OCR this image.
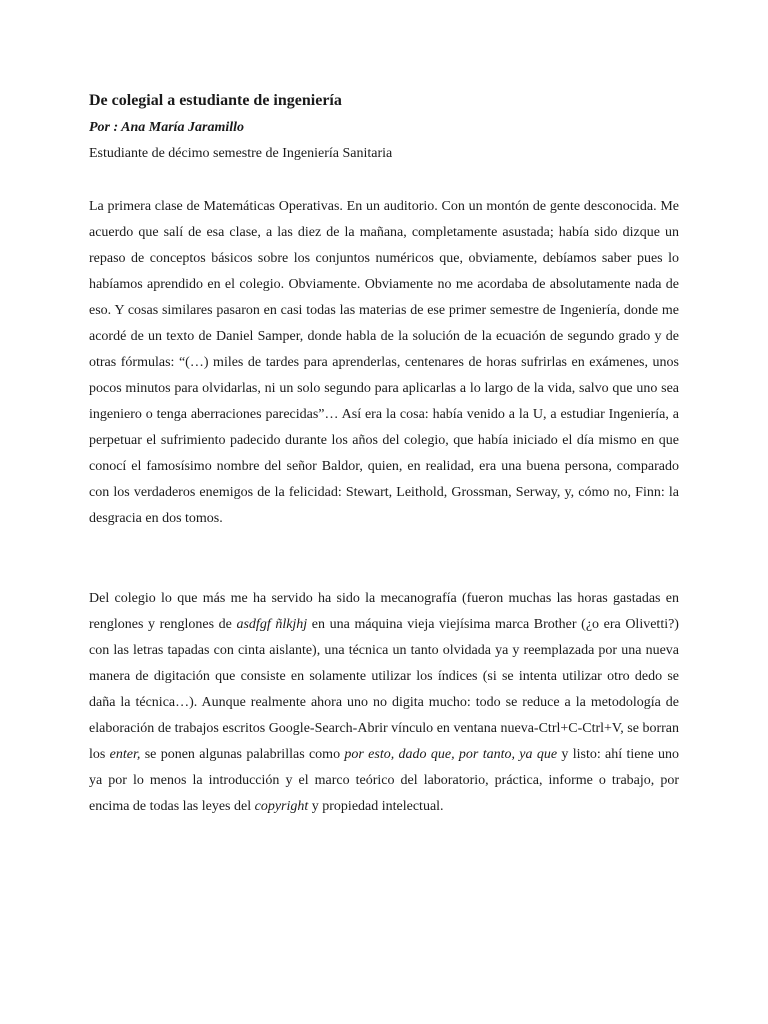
De colegial a estudiante de ingeniería

Por : Ana María Jaramillo

Estudiante de décimo semestre de Ingeniería Sanitaria

La primera clase de Matemáticas Operativas. En un auditorio. Con un montón de gente desconocida. Me acuerdo que salí de esa clase, a las diez de la mañana, completamente asustada; había sido dizque un repaso de conceptos básicos sobre los conjuntos numéricos que, obviamente, debíamos saber pues lo habíamos aprendido en el colegio. Obviamente. Obviamente no me acordaba de absolutamente nada de eso. Y cosas similares pasaron en casi todas las materias de ese primer semestre de Ingeniería, donde me acordé de un texto de Daniel Samper, donde habla de la solución de la ecuación de segundo grado y de otras fórmulas: “(…) miles de tardes para aprenderlas, centenares de horas sufrirlas en exámenes, unos pocos minutos para olvidarlas, ni un solo segundo para aplicarlas a lo largo de la vida, salvo que uno sea ingeniero o tenga aberraciones parecidas”… Así era la cosa: había venido a la U, a estudiar Ingeniería, a perpetuar el sufrimiento padecido durante los años del colegio, que había iniciado el día mismo en que conocí el famosísimo nombre del señor Baldor, quien, en realidad, era una buena persona, comparado con los verdaderos enemigos de la felicidad: Stewart, Leithold, Grossman, Serway, y, cómo no, Finn: la desgracia en dos tomos.

Del colegio lo que más me ha servido ha sido la mecanografía (fueron muchas las horas gastadas en renglones y renglones de asdfgf ñlkjhj en una máquina vieja viejísima marca Brother (¿o era Olivetti?) con las letras tapadas con cinta aislante), una técnica un tanto olvidada ya y reemplazada por una nueva manera de digitación que consiste en solamente utilizar los índices (si se intenta utilizar otro dedo se daña la técnica…). Aunque realmente ahora uno no digita mucho: todo se reduce a la metodología de elaboración de trabajos escritos Google-Search-Abrir vínculo en ventana nueva-Ctrl+C-Ctrl+V, se borran los enter, se ponen algunas palabrillas como por esto, dado que, por tanto, ya que y listo: ahí tiene uno ya por lo menos la introducción y el marco teórico del laboratorio, práctica, informe o trabajo, por encima de todas las leyes del copyright y propiedad intelectual.
